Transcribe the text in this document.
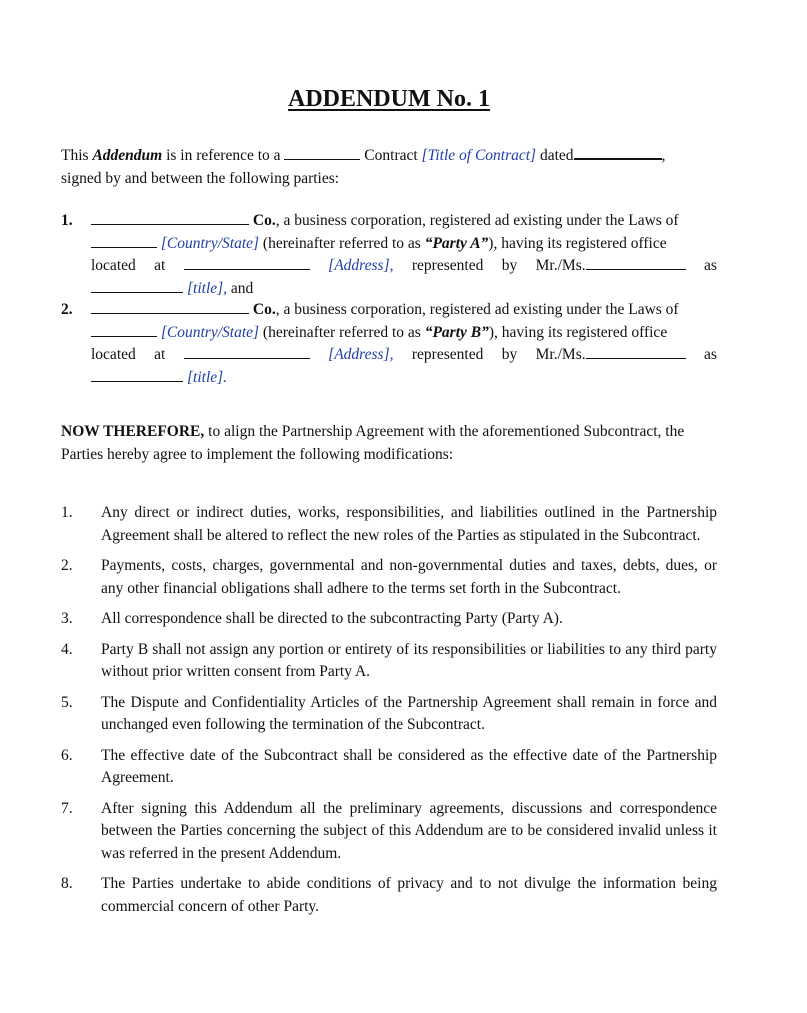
ADDENDUM No. 1
This Addendum is in reference to a	Contract [Title of Contract] dated	,
signed by and between the following parties:
1.	Co., a business corporation, registered ad existing under the Laws of
[Country/State] (hereinafter referred to as “Party A”), having its registered office
located at	[Address], represented by Mr./Ms.	as
[title], and
2.	Co., a business corporation, registered ad existing under the Laws of
[Country/State] (hereinafter referred to as “Party B”), having its registered office
located at	[Address], represented by Mr./Ms.	as
[title].
NOW THEREFORE, to align the Partnership Agreement with the aforementioned Subcontract, the Parties hereby agree to implement the following modifications:
1. Any direct or indirect duties, works, responsibilities, and liabilities outlined in the Partnership Agreement shall be altered to reflect the new roles of the Parties as stipulated in the Subcontract.
2. Payments, costs, charges, governmental and non-governmental duties and taxes, debts, dues, or any other financial obligations shall adhere to the terms set forth in the Subcontract.
3. All correspondence shall be directed to the subcontracting Party (Party A).
4. Party B shall not assign any portion or entirety of its responsibilities or liabilities to any third party without prior written consent from Party A.
5. The Dispute and Confidentiality Articles of the Partnership Agreement shall remain in force and unchanged even following the termination of the Subcontract.
6. The effective date of the Subcontract shall be considered as the effective date of the Partnership Agreement.
7. After signing this Addendum all the preliminary agreements, discussions and correspondence between the Parties concerning the subject of this Addendum are to be considered invalid unless it was referred in the present Addendum.
8. The Parties undertake to abide conditions of privacy and to not divulge the information being commercial concern of other Party.
